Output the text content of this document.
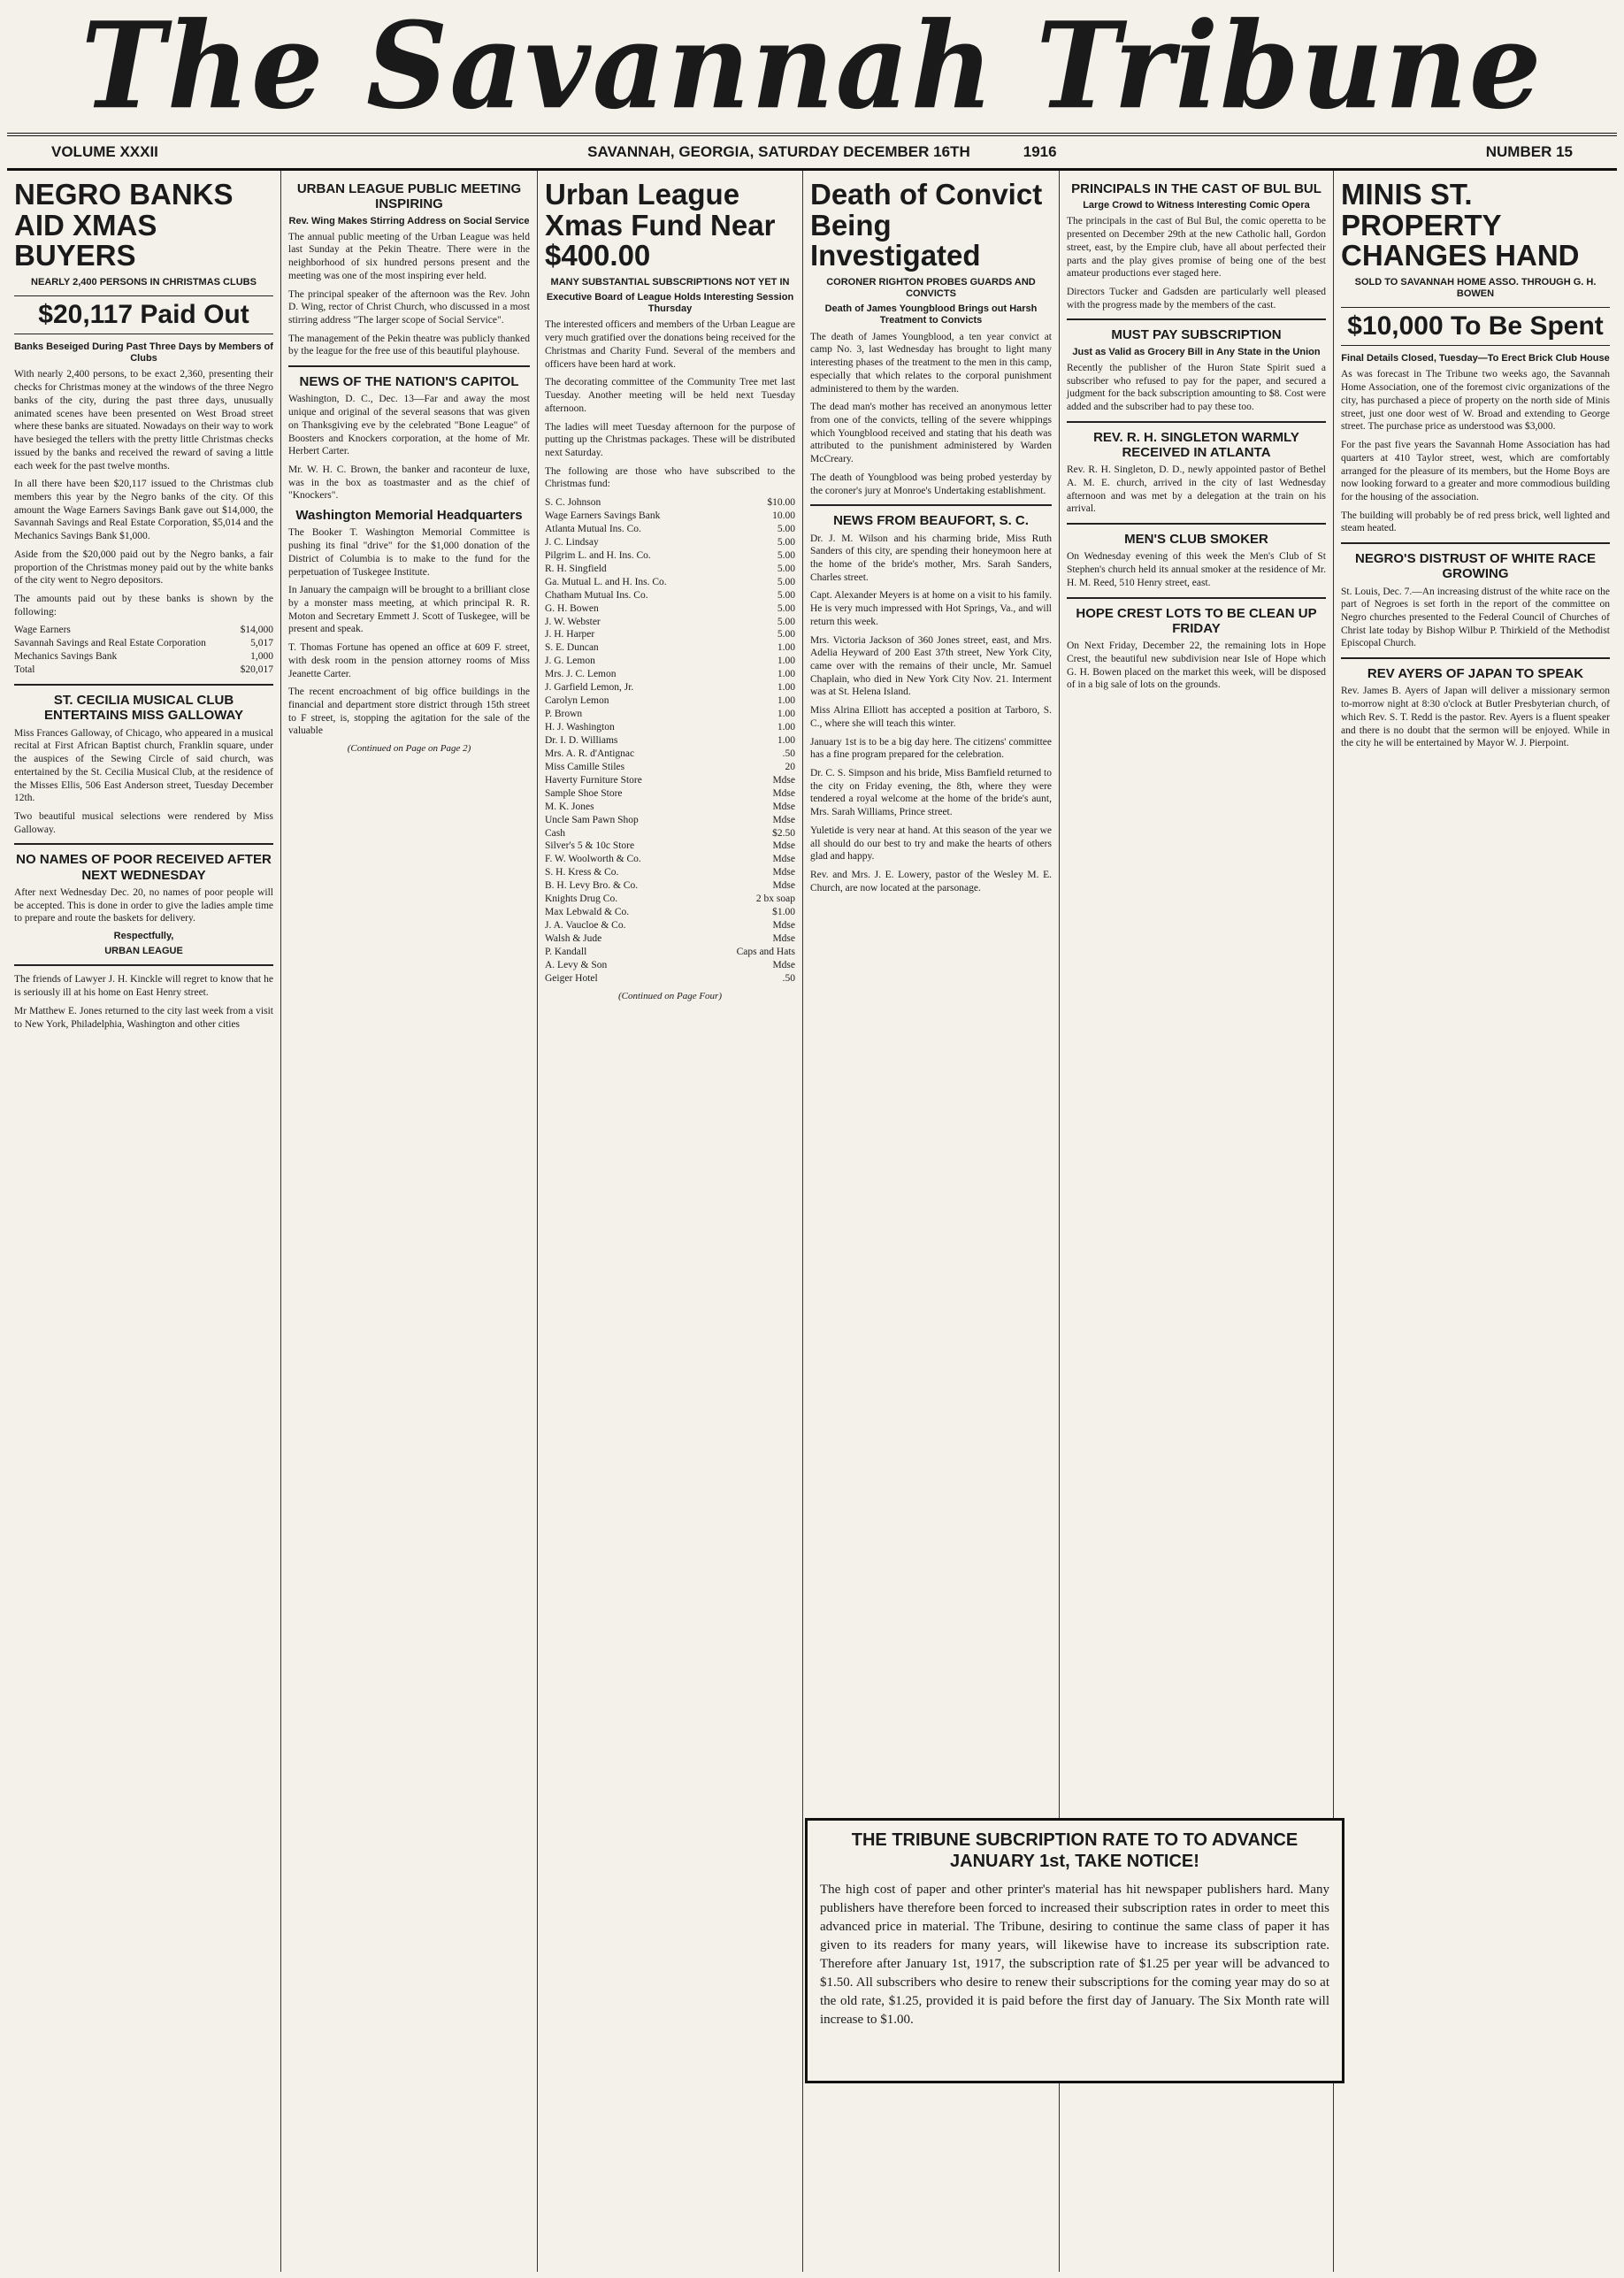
The Savannah Tribune
VOLUME XXXII	SAVANNAH, GEORGIA, SATURDAY DECEMBER 16TH	1916	NUMBER 15
NEGRO BANKS AID XMAS BUYERS
NEARLY 2,400 PERSONS IN CHRISTMAS CLUBS
$20,117 Paid Out
Banks Beseiged During Past Three Days by Members of Clubs

With nearly 2,400 persons, to be exact 2,360, presenting their checks for Christmas money at the windows of the three Negro banks of the city, during the past three days, unusually animated scenes have been presented on West Broad street where these banks are situated. Nowadays on their way to work have besieged the tellers with the pretty little Christmas checks issued by the banks and received the reward of saving a little each week for the past twelve months.

In all there have been $20,117 issued to the Christmas club members this year by the Negro banks of the city. Of this amount the Wage Earners Savings Bank gave out $14,000, the Savannah Savings and Real Estate Corporation, $5,014 and the Mechanics Savings Bank $1,000.

Aside from the $20,000 paid out by the Negro banks, a fair proportion of the Christmas money paid out by the white banks of the city went to Negro depositors.

The amounts paid out by these banks is shown by the following:

Wage Earners	$14,000
Savannah Savings and Real Estate Corporation	5,017
Mechanics Savings Bank	1,000
Total	$20,017
ST. CECILIA MUSICAL CLUB ENTERTAINS MISS GALLOWAY

Miss Frances Galloway, of Chicago, who appeared in a musical recital at First African Baptist church, Franklin square, under the auspices of the Sewing Circle of said church, was entertained by the St. Cecilia Musical Club, at the residence of the Misses Ellis, 506 East Anderson street, Tuesday December 12th.

Two beautiful musical selections were rendered by Miss Galloway.

NO NAMES OF POOR RECEIVED AFTER NEXT WEDNESDAY

After next Wednesday Dec. 20, no names of poor people will be accepted. This is done in order to give the ladies ample time to prepare and route the baskets for delivery.

Respectfully,
URBAN LEAGUE

The friends of Lawyer J. H. Kinckle will regret to know that he is seriously ill at his home on East Henry street.

Mr Matthew E. Jones returned to the city last week from a visit to New York, Philadelphia, Washington and other cities

URBAN LEAGUE PUBLIC MEETING INSPIRING
Rev. Wing Makes Stirring Address on Social Service

The annual public meeting of the Urban League was held last Sunday at the Pekin Theatre. There were in the neighborhood of six hundred persons present and the meeting was one of the most inspiring ever held.

The principal speaker of the afternoon was the Rev. John D. Wing, rector of Christ Church, who discussed in a most stirring address "The larger scope of Social Service".

The management of the Pekin theatre was publicly thanked by the league for the free use of this beautiful playhouse.

NEWS OF THE NATION'S CAPITOL

Washington, D. C., Dec. 13—Far and away the most unique and original of the several seasons that was given on Thanksgiving eve by the celebrated "Bone League" of Boosters and Knockers corporation, at the home of Mr. Herbert Carter.

Mr. W. H. C. Brown, the banker and raconteur de luxe, was in the box as toastmaster and as the chief of "Knockers".

Washington Memorial Headquarters

The Booker T. Washington Memorial Committee is pushing its final "drive" for the $1,000 donation of the District of Columbia is to make to the fund for the perpetuation of Tuskegee Institute.

In January the campaign will be brought to a brilliant close by a monster mass meeting, at which principal R. R. Moton and Secretary Emmett J. Scott of Tuskegee, will be present and speak.

T. Thomas Fortune has opened an office at 609 F. street, with desk room in the pension attorney rooms of Miss Jeanette Carter.

The recent encroachment of big office buildings in the financial and department store district through 15th street to F street, is, stopping the agitation for the sale of the valuable

(Continued on Page on Page 2)
Urban League Xmas Fund Near $400.00
MANY SUBSTANTIAL SUBSCRIPTIONS NOT YET IN
Executive Board of League Holds Interesting Session Thursday

The interested officers and members of the Urban League are very much gratified over the donations being received for the Christmas and Charity Fund. Several of the members and officers have been hard at work.

The decorating committee of the Community Tree met last Tuesday. Another meeting will be held next Tuesday afternoon.

The ladies will meet Tuesday afternoon for the purpose of putting up the Christmas packages. These will be distributed next Saturday.

The following are those who have subscribed to the Christmas fund:

S. C. Johnson	$10.00
Wage Earners Savings Bank	10.00
Atlanta Mutual Ins. Co.	5.00
J. C. Lindsay	5.00
Pilgrim L. and H. Ins. Co.	5.00
R. H. Singfield	5.00
Ga. Mutual L. and H. Ins. Co.	5.00
Chatham Mutual Ins. Co.	5.00
G. H. Bowen	5.00
J. W. Webster	5.00
J. H. Harper	5.00
S. E. Duncan	1.00
J. G. Lemon	1.00
Mrs. J. C. Lemon	1.00
J. Garfield Lemon, Jr.	1.00
Carolyn Lemon	1.00
P. Brown	1.00
H. J. Washington	1.00
Dr. I. D. Williams	1.00
Mrs. A. R. d'Antignac	.50
Miss Camille Stiles	20
Haverty Furniture Store	Mdse
Sample Shoe Store	Mdse
M. K. Jones	Mdse
Uncle Sam Pawn Shop	Mdse
Cash	$2.50
Silver's 5 & 10c Store	Mdse
F. W. Woolworth & Co.	Mdse
S. H. Kress & Co.	Mdse
B. H. Levy Bro. & Co.	Mdse
Knights Drug Co.	2 bx soap
Max Lebwald & Co.	$1.00
J. A. Vaucloe & Co.	Mdse
Walsh & Jude	Mdse
P. Kandall	Caps and Hats
A. Levy & Son	Mdse
Geiger Hotel	.50
(Continued on Page Four)
Death of Convict Being Investigated
CORONER RIGHTON PROBES GUARDS AND CONVICTS
Death of James Youngblood Brings out Harsh Treatment to Convicts

The death of James Youngblood, a ten year convict at camp No. 3, last Wednesday has brought to light many interesting phases of the treatment to the men in this camp, especially that which relates to the corporal punishment administered to them by the warden.

The dead man's mother has received an anonymous letter from one of the convicts, telling of the severe whippings which Youngblood received and stating that his death was attributed to the punishment administered by Warden McCreary.

The death of Youngblood was being probed yesterday by the coroner's jury at Monroe's Undertaking establishment.

NEWS FROM BEAUFORT, S. C.

Dr. J. M. Wilson and his charming bride, Miss Ruth Sanders of this city, are spending their honeymoon here at the home of the bride's mother, Mrs. Sarah Sanders, Charles street.

Capt. Alexander Meyers is at home on a visit to his family. He is very much impressed with Hot Springs, Va., and will return this week.

Mrs. Victoria Jackson of 360 Jones street, east, and Mrs. Adelia Heyward of 200 East 37th street, New York City, came over with the remains of their uncle, Mr. Samuel Chaplain, who died in New York City Nov. 21. Interment was at St. Helena Island.

Miss Alrina Elliott has accepted a position at Tarboro, S. C., where she will teach this winter.

January 1st is to be a big day here. The citizens' committee has a fine program prepared for the celebration.

Dr. C. S. Simpson and his bride, Miss Bamfield returned to the city on Friday evening, the 8th, where they were tendered a royal welcome at the home of the bride's aunt, Mrs. Sarah Williams, Prince street.

Yuletide is very near at hand. At this season of the year we all should do our best to try and make the hearts of others glad and happy.

Rev. and Mrs. J. E. Lowery, pastor of the Wesley M. E. Church, are now located at the parsonage.

PRINCIPALS IN THE CAST OF BUL BUL
Large Crowd to Witness Interesting Comic Opera

The principals in the cast of Bul Bul, the comic operetta to be presented on December 29th at the new Catholic hall, Gordon street, east, by the Empire club, have all about perfected their parts and the play gives promise of being one of the best amateur productions ever staged here.

Directors Tucker and Gadsden are particularly well pleased with the progress made by the members of the cast.

MUST PAY SUBSCRIPTION
Just as Valid as Grocery Bill in Any State in the Union

Recently the publisher of the Huron State Spirit sued a subscriber who refused to pay for the paper, and secured a judgment for the back subscription amounting to $8. Cost were added and the subscriber had to pay these too.

REV. R. H. SINGLETON WARMLY RECEIVED IN ATLANTA

Rev. R. H. Singleton, D. D., newly appointed pastor of Bethel A. M. E. church, arrived in the city of last Wednesday afternoon and was met by a delegation at the train on his arrival.

MEN'S CLUB SMOKER

On Wednesday evening of this week the Men's Club of St Stephen's church held its annual smoker at the residence of Mr. H. M. Reed, 510 Henry street, east.

HOPE CREST LOTS TO BE CLEAN UP FRIDAY

On Next Friday, December 22, the remaining lots in Hope Crest, the beautiful new subdivision near Isle of Hope which G. H. Bowen placed on the market this week, will be disposed of in a big sale of lots on the grounds.

MINIS ST. PROPERTY CHANGES HAND
SOLD TO SAVANNAH HOME ASSO. THROUGH G. H. BOWEN
$10,000 To Be Spent
Final Details Closed, Tuesday—To Erect Brick Club House

As was forecast in The Tribune two weeks ago, the Savannah Home Association, one of the foremost civic organizations of the city, has purchased a piece of property on the north side of Minis street, just one door west of W. Broad and extending to George street. The purchase price as understood was $3,000.

For the past five years the Savannah Home Association has had quarters at 410 Taylor street, west, which are comfortably arranged for the pleasure of its members, but the Home Boys are now looking forward to a greater and more commodious building for the housing of the association.

The building will probably be of red press brick, well lighted and steam heated.

NEGRO'S DISTRUST OF WHITE RACE GROWING

St. Louis, Dec. 7.—An increasing distrust of the white race on the part of Negroes is set forth in the report of the committee on Negro churches presented to the Federal Council of Churches of Christ late today by Bishop Wilbur P. Thirkield of the Methodist Episcopal Church.

REV AYERS OF JAPAN TO SPEAK

Rev. James B. Ayers of Japan will deliver a missionary sermon to-morrow night at 8:30 o'clock at Butler Presbyterian church, of which Rev. S. T. Redd is the pastor. Rev. Ayers is a fluent speaker and there is no doubt that the sermon will be enjoyed. While in the city he will be entertained by Mayor W. J. Pierpoint.

THE TRIBUNE SUBCRIPTION RATE TO TO ADVANCE JANUARY 1st, TAKE NOTICE!

The high cost of paper and other printer's material has hit newspaper publishers hard. Many publishers have therefore been forced to increased their subscription rates in order to meet this advanced price in material. The Tribune, desiring to continue the same class of paper it has given to its readers for many years, will likewise have to increase its subscription rate. Therefore after January 1st, 1917, the subscription rate of $1.25 per year will be advanced to $1.50. All subscribers who desire to renew their subscriptions for the coming year may do so at the old rate, $1.25, provided it is paid before the first day of January. The Six Month rate will increase to $1.00.
